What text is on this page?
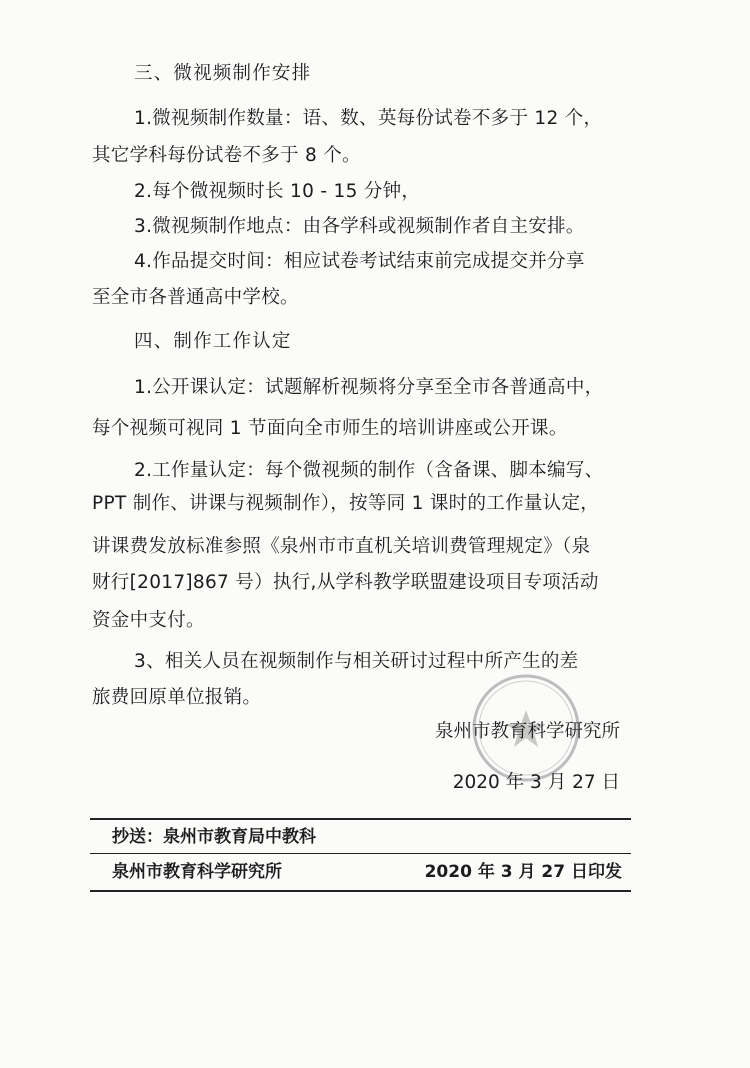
三、微视频制作安排
1.微视频制作数量：语、数、英每份试卷不多于 12 个，
其它学科每份试卷不多于 8 个。
2.每个微视频时长 10 - 15 分钟，
3.微视频制作地点：由各学科或视频制作者自主安排。
4.作品提交时间：相应试卷考试结束前完成提交并分享
至全市各普通高中学校。
四、制作工作认定
1.公开课认定：试题解析视频将分享至全市各普通高中，
每个视频可视同 1 节面向全市师生的培训讲座或公开课。
2.工作量认定：每个微视频的制作（含备课、脚本编写、
PPT 制作、讲课与视频制作），按等同 1 课时的工作量认定，
讲课费发放标准参照《泉州市市直机关培训费管理规定》（泉
财行[2017]867 号）执行,从学科教学联盟建设项目专项活动
资金中支付。
3、相关人员在视频制作与相关研讨过程中所产生的差
旅费回原单位报销。
泉州市教育科学研究所
2020 年 3 月 27 日
抄送：泉州市教育局中教科
泉州市教育科学研究所	2020 年 3 月 27 日印发
